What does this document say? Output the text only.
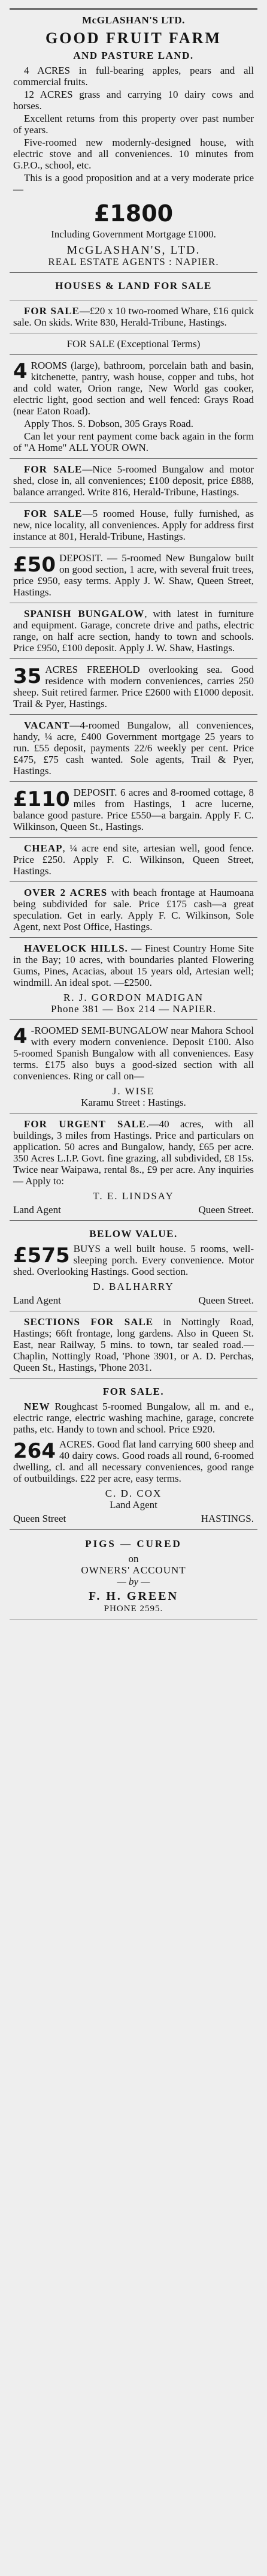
McGLASHAN'S LTD.
GOOD FRUIT FARM
AND PASTURE LAND.

4 ACRES in full-bearing apples, pears and all commercial fruits.

12 ACRES grass and carrying 10 dairy cows and horses.

Excellent returns from this property over past number of years.

Five-roomed new modernly-designed house, with electric stove and all conveniences. 10 minutes from G.P.O., school, etc.

This is a good proposition and at a very moderate price—

£1800
Including Government Mortgage £1000.
McGLASHAN'S, LTD.
REAL ESTATE AGENTS : NAPIER.
HOUSES & LAND FOR SALE

FOR SALE—£20 x 10 two-roomed Whare, £16 quick sale. On skids. Write 830, Herald-Tribune, Hastings.

FOR SALE (Exceptional Terms)
4 ROOMS (large), bathroom, porcelain bath and basin, kitchenette, pantry, wash house, copper and tubs, hot and cold water, Orion range, New World gas cooker, electric light, good section and well fenced: Grays Road (near Eaton Road).

Apply Thos. S. Dobson, 305 Grays Road.

Can let your rent payment come back again in the form of "A Home" ALL YOUR OWN.

FOR SALE—Nice 5-roomed Bungalow and motor shed, close in, all conveniences; £100 deposit, price £888, balance arranged. Write 816, Herald-Tribune, Hastings.

FOR SALE—5 roomed House, fully furnished, as new, nice locality, all conveniences. Apply for address first instance at 801, Herald-Tribune, Hastings.

£50 DEPOSIT. — 5-roomed New Bungalow built on good section, 1 acre, with several fruit trees, price £950, easy terms. Apply J. W. Shaw, Queen Street, Hastings.

SPANISH BUNGALOW, with latest in furniture and equipment. Garage, concrete drive and paths, electric range, on half acre section, handy to town and schools. Price £950, £100 deposit. Apply J. W. Shaw, Hastings.

35 ACRES FREEHOLD overlooking sea. Good residence with modern conveniences, carries 250 sheep. Suit retired farmer. Price £2600 with £1000 deposit. Trail & Pyer, Hastings.

VACANT—4-roomed Bungalow, all conveniences, handy, ¼ acre, £400 Government mortgage 25 years to run. £55 deposit, payments 22/6 weekly per cent. Price £475, £75 cash wanted. Sole agents, Trail & Pyer, Hastings.

£110 DEPOSIT. 6 acres and 8-roomed cottage, 8 miles from Hastings, 1 acre lucerne, balance good pasture. Price £550—a bargain. Apply F. C. Wilkinson, Queen St., Hastings.

CHEAP, ¼ acre end site, artesian well, good fence. Price £250. Apply F. C. Wilkinson, Queen Street, Hastings.

OVER 2 ACRES with beach frontage at Haumoana being subdivided for sale. Price £175 cash—a great speculation. Get in early. Apply F. C. Wilkinson, Sole Agent, next Post Office, Hastings.

HAVELOCK HILLS. — Finest Country Home Site in the Bay; 10 acres, with boundaries planted Flowering Gums, Pines, Acacias, about 15 years old, Artesian well; windmill. An ideal spot. —£2500.

R. J. GORDON MADIGAN
Phone 381 — Box 214 — NAPIER.
4 -ROOMED SEMI-BUNGALOW near Mahora School with every modern convenience. Deposit £100. Also 5-roomed Spanish Bungalow with all conveniences. Easy terms. £175 also buys a good-sized section with all conveniences. Ring or call on—

J. WISE
Karamu Street : Hastings.

FOR URGENT SALE.—40 acres, with all buildings, 3 miles from Hastings. Price and particulars on application. 50 acres and Bungalow, handy, £65 per acre. 350 Acres L.I.P. Govt. fine grazing, all subdivided, £8 15s. Twice near Waipawa, rental 8s., £9 per acre. Any inquiries — Apply to:

T. E. LINDSAY
Land Agent	Queen Street.
BELOW VALUE.
£575 BUYS a well built house. 5 rooms, well-sleeping porch. Every convenience. Motor shed. Overlooking Hastings. Good section.

D. BALHARRY
Land Agent	Queen Street.

SECTIONS FOR SALE in Nottingly Road, Hastings; 66ft frontage, long gardens. Also in Queen St. East, near Railway, 5 mins. to town, tar sealed road.—Chaplin, Nottingly Road, 'Phone 3901, or A. D. Perchas, Queen St., Hastings, 'Phone 2031.

FOR SALE.

NEW Roughcast 5-roomed Bungalow, all m. and e., electric range, electric washing machine, garage, concrete paths, etc. Handy to town and school. Price £920.

264 ACRES. Good flat land carrying 600 sheep and 40 dairy cows. Good roads all round, 6-roomed dwelling, cl. and all necessary conveniences, good range of outbuildings. £22 per acre, easy terms.

C. D. COX
Land Agent
Queen Street	HASTINGS.
PIGS — CURED
on
OWNERS' ACCOUNT
— by —
F. H. GREEN
PHONE 2595.
